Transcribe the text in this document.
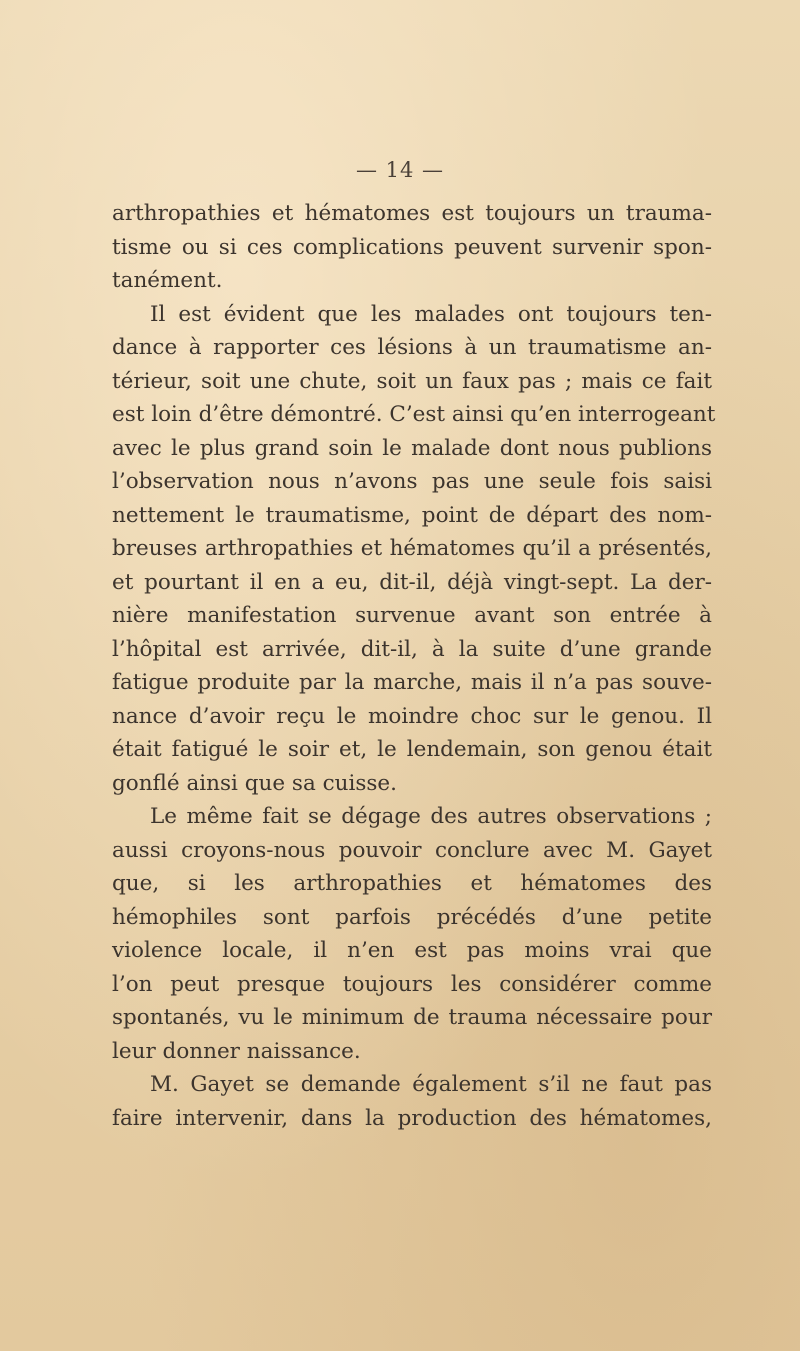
— 14 —
arthropathies et hématomes est toujours un trauma-
tisme ou si ces complications peuvent survenir spon-
tanément.
Il est évident que les malades ont toujours ten-
dance à rapporter ces lésions à un traumatisme an-
térieur, soit une chute, soit un faux pas ; mais ce fait
est loin d’être démontré. C’est ainsi qu’en interrogeant
avec le plus grand soin le malade dont nous publions
l’observation nous n’avons pas une seule fois saisi
nettement le traumatisme, point de départ des nom-
breuses arthropathies et hématomes qu’il a présentés,
et pourtant il en a eu, dit-il, déjà vingt-sept. La der-
nière manifestation survenue avant son entrée à
l’hôpital est arrivée, dit-il, à la suite d’une grande
fatigue produite par la marche, mais il n’a pas souve-
nance d’avoir reçu le moindre choc sur le genou. Il
était fatigué le soir et, le lendemain, son genou était
gonflé ainsi que sa cuisse.
Le même fait se dégage des autres observations ;
aussi croyons-nous pouvoir conclure avec M. Gayet
que, si les arthropathies et hématomes des
hémophiles sont parfois précédés d’une petite
violence locale, il n’en est pas moins vrai que
l’on peut presque toujours les considérer comme
spontanés, vu le minimum de trauma nécessaire pour
leur donner naissance.
M. Gayet se demande également s’il ne faut pas
faire intervenir, dans la production des hématomes,
